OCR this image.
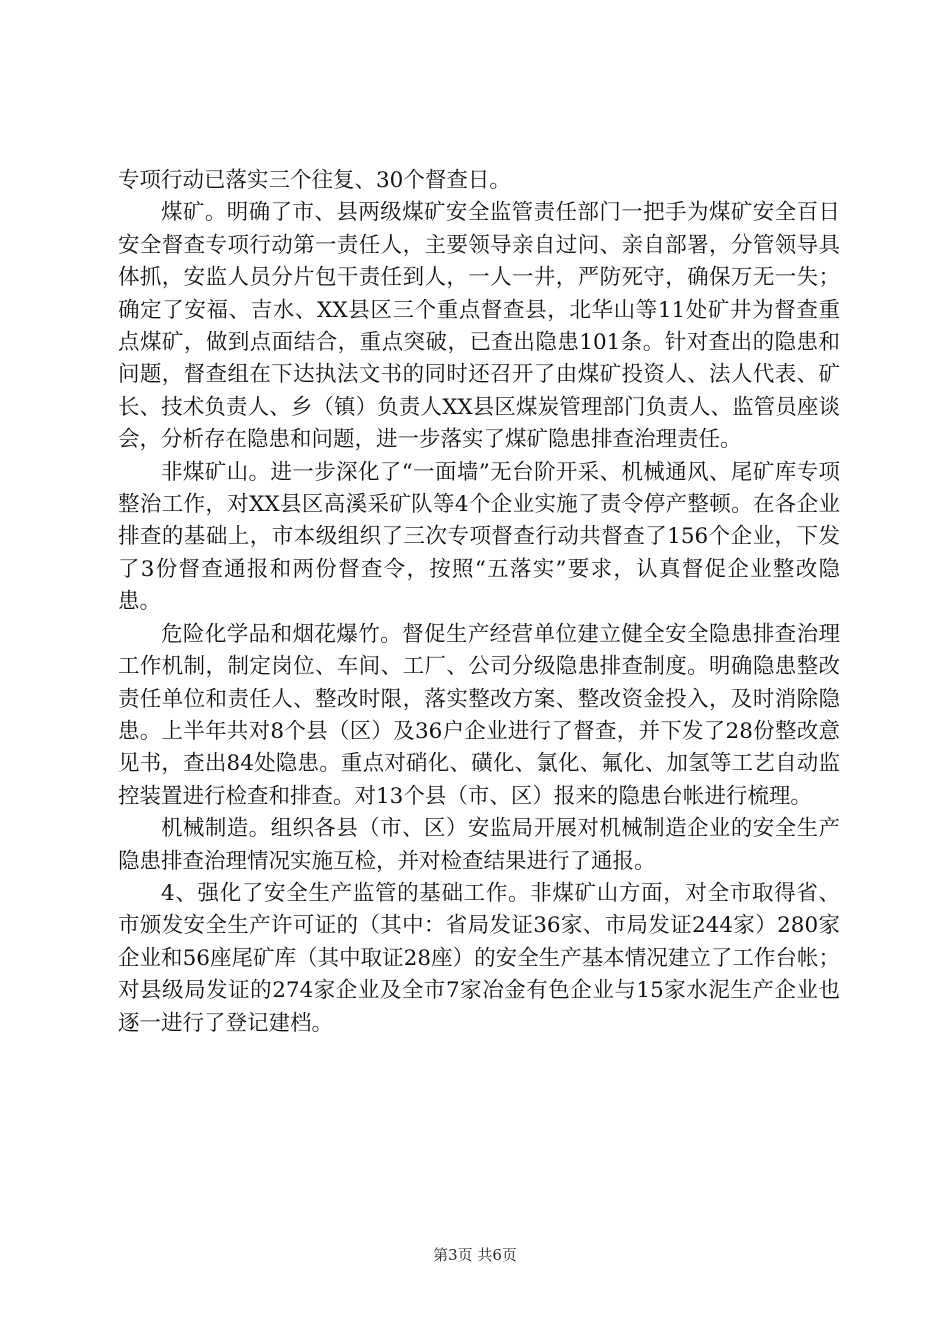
专项行动已落实三个往复、30个督查日。

煤矿。明确了市、县两级煤矿安全监管责任部门一把手为煤矿安全百日安全督查专项行动第一责任人，主要领导亲自过问、亲自部署，分管领导具体抓，安监人员分片包干责任到人，一人一井，严防死守，确保万无一失；确定了安福、吉水、XX县区三个重点督查县，北华山等11处矿井为督查重点煤矿，做到点面结合，重点突破，已查出隐患101条。针对查出的隐患和问题，督查组在下达执法文书的同时还召开了由煤矿投资人、法人代表、矿长、技术负责人、乡（镇）负责人XX县区煤炭管理部门负责人、监管员座谈会，分析存在隐患和问题，进一步落实了煤矿隐患排查治理责任。

非煤矿山。进一步深化了“一面墙”无台阶开采、机械通风、尾矿库专项整治工作，对XX县区高溪采矿队等4个企业实施了责令停产整顿。在各企业排查的基础上，市本级组织了三次专项督查行动共督查了156个企业，下发了3份督查通报和两份督查令，按照“五落实”要求，认真督促企业整改隐患。

危险化学品和烟花爆竹。督促生产经营单位建立健全安全隐患排查治理工作机制，制定岗位、车间、工厂、公司分级隐患排查制度。明确隐患整改责任单位和责任人、整改时限，落实整改方案、整改资金投入，及时消除隐患。上半年共对8个县（区）及36户企业进行了督查，并下发了28份整改意见书，查出84处隐患。重点对硝化、磺化、氯化、氟化、加氢等工艺自动监控装置进行检查和排查。对13个县（市、区）报来的隐患台帐进行梳理。

机械制造。组织各县（市、区）安监局开展对机械制造企业的安全生产隐患排查治理情况实施互检，并对检查结果进行了通报。

4、强化了安全生产监管的基础工作。非煤矿山方面，对全市取得省、市颁发安全生产许可证的（其中：省局发证36家、市局发证244家）280家企业和56座尾矿库（其中取证28座）的安全生产基本情况建立了工作台帐；对县级局发证的274家企业及全市7家冶金有色企业与15家水泥生产企业也逐一进行了登记建档。

第3页 共6页
